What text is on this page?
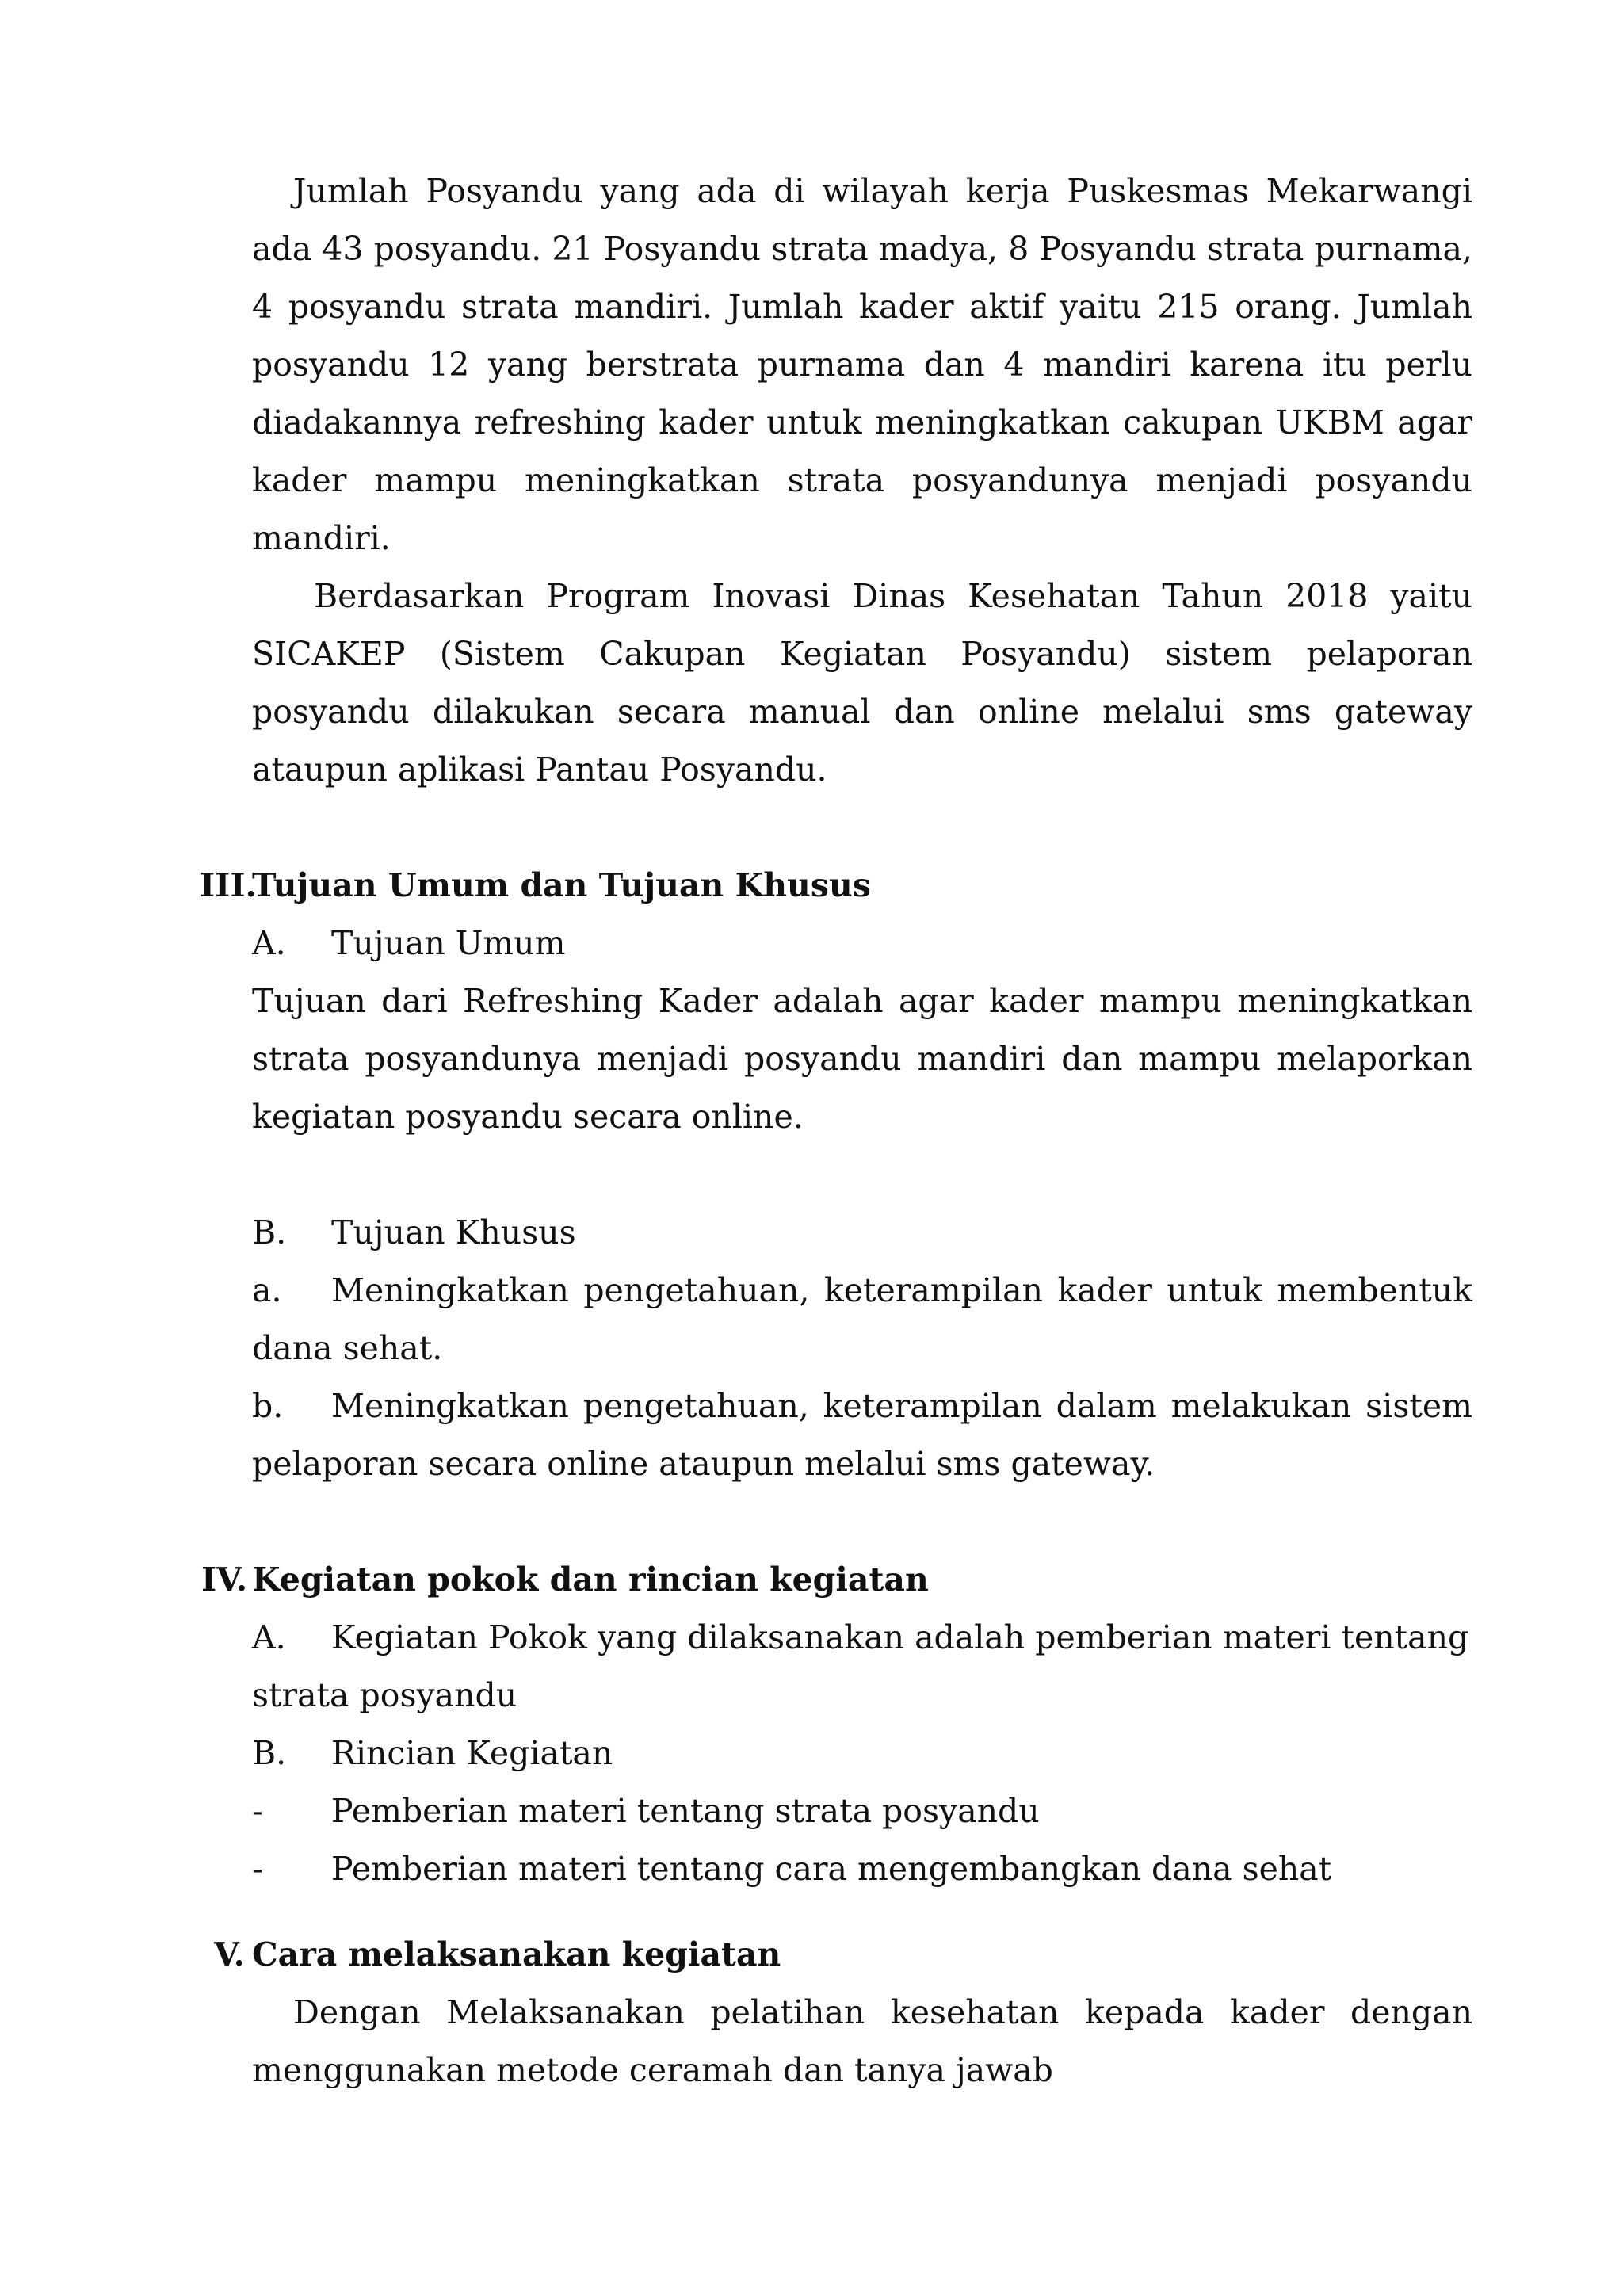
Jumlah Posyandu yang ada di wilayah kerja Puskesmas Mekarwangi ada 43 posyandu. 21 Posyandu strata madya, 8 Posyandu strata purnama, 4 posyandu strata mandiri. Jumlah kader aktif yaitu 215 orang. Jumlah posyandu 12 yang berstrata purnama dan 4 mandiri karena itu perlu diadakannya refreshing kader untuk meningkatkan cakupan UKBM agar kader mampu meningkatkan strata posyandunya menjadi posyandu mandiri.

Berdasarkan Program Inovasi Dinas Kesehatan Tahun 2018 yaitu SICAKEP (Sistem Cakupan Kegiatan Posyandu) sistem pelaporan posyandu dilakukan secara manual dan online melalui sms gateway ataupun aplikasi Pantau Posyandu.

III.
Tujuan Umum dan Tujuan Khusus

A. Tujuan Umum

Tujuan dari Refreshing Kader adalah agar kader mampu meningkatkan strata posyandunya menjadi posyandu mandiri dan mampu melaporkan kegiatan posyandu secara online.

B. Tujuan Khusus

a. Meningkatkan pengetahuan, keterampilan kader untuk membentuk dana sehat.

b. Meningkatkan pengetahuan, keterampilan dalam melakukan sistem pelaporan secara online ataupun melalui sms gateway.

IV. Kegiatan pokok dan rincian kegiatan

A. Kegiatan Pokok yang dilaksanakan adalah pemberian materi tentang strata posyandu

B. Rincian Kegiatan

- Pemberian materi tentang strata posyandu

- Pemberian materi tentang cara mengembangkan dana sehat

V. Cara melaksanakan kegiatan

Dengan Melaksanakan pelatihan kesehatan kepada kader dengan menggunakan metode ceramah dan tanya jawab
